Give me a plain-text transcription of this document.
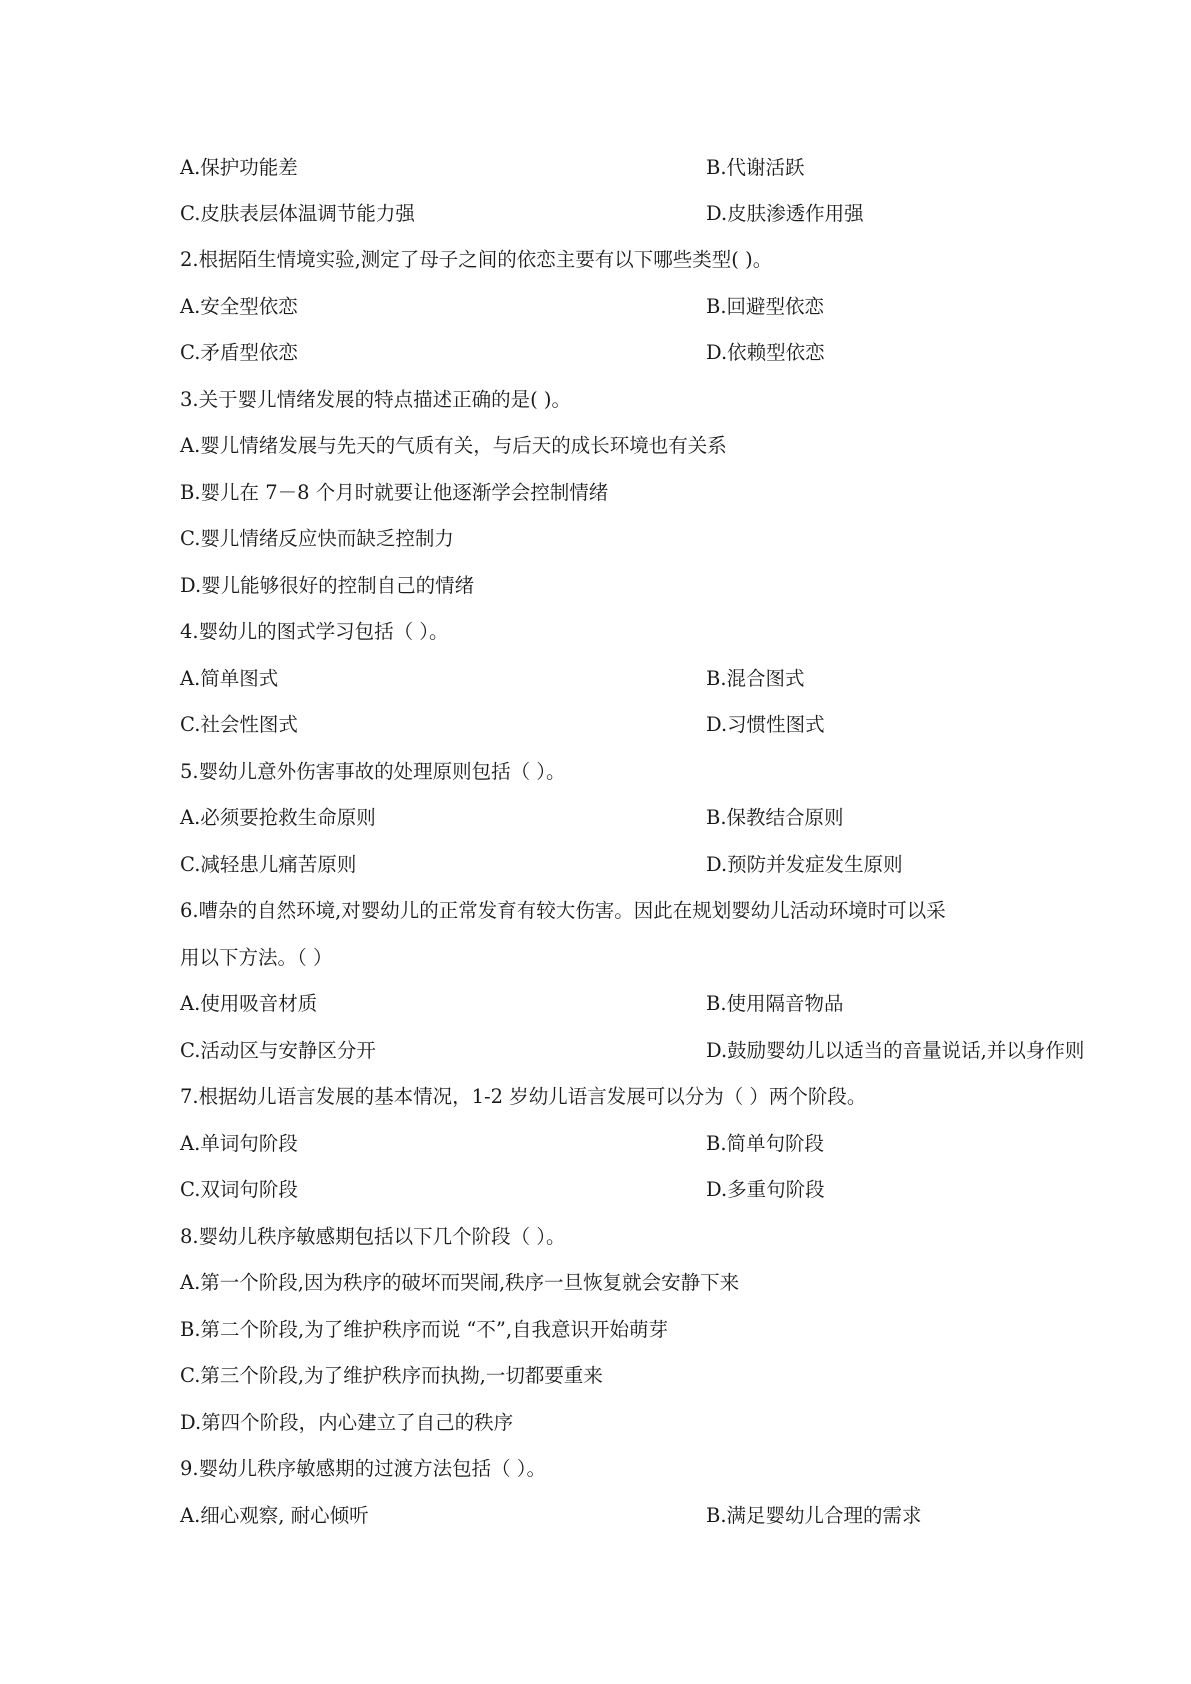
A.保护功能差	B.代谢活跃
C.皮肤表层体温调节能力强	D.皮肤渗透作用强
2.根据陌生情境实验,测定了母子之间的依恋主要有以下哪些类型( )。
A.安全型依恋	B.回避型依恋
C.矛盾型依恋	D.依赖型依恋
3.关于婴儿情绪发展的特点描述正确的是( )。
A.婴儿情绪发展与先天的气质有关，与后天的成长环境也有关系
B.婴儿在 7－8 个月时就要让他逐渐学会控制情绪
C.婴儿情绪反应快而缺乏控制力
D.婴儿能够很好的控制自己的情绪
4.婴幼儿的图式学习包括（ ）。
A.简单图式	B.混合图式
C.社会性图式	D.习惯性图式
5.婴幼儿意外伤害事故的处理原则包括（ ）。
A.必须要抢救生命原则	B.保教结合原则
C.减轻患儿痛苦原则	D.预防并发症发生原则
6.嘈杂的自然环境,对婴幼儿的正常发育有较大伤害。因此在规划婴幼儿活动环境时可以采
用以下方法。（ ）
A.使用吸音材质	B.使用隔音物品
C.活动区与安静区分开	D.鼓励婴幼儿以适当的音量说话,并以身作则
7.根据幼儿语言发展的基本情况，1-2 岁幼儿语言发展可以分为（ ）两个阶段。
A.单词句阶段	B.简单句阶段
C.双词句阶段	D.多重句阶段
8.婴幼儿秩序敏感期包括以下几个阶段（ ）。
A.第一个阶段,因为秩序的破坏而哭闹,秩序一旦恢复就会安静下来
B.第二个阶段,为了维护秩序而说 “不”,自我意识开始萌芽
C.第三个阶段,为了维护秩序而执拗,一切都要重来
D.第四个阶段，内心建立了自己的秩序
9.婴幼儿秩序敏感期的过渡方法包括（ ）。
A.细心观察, 耐心倾听	B.满足婴幼儿合理的需求
